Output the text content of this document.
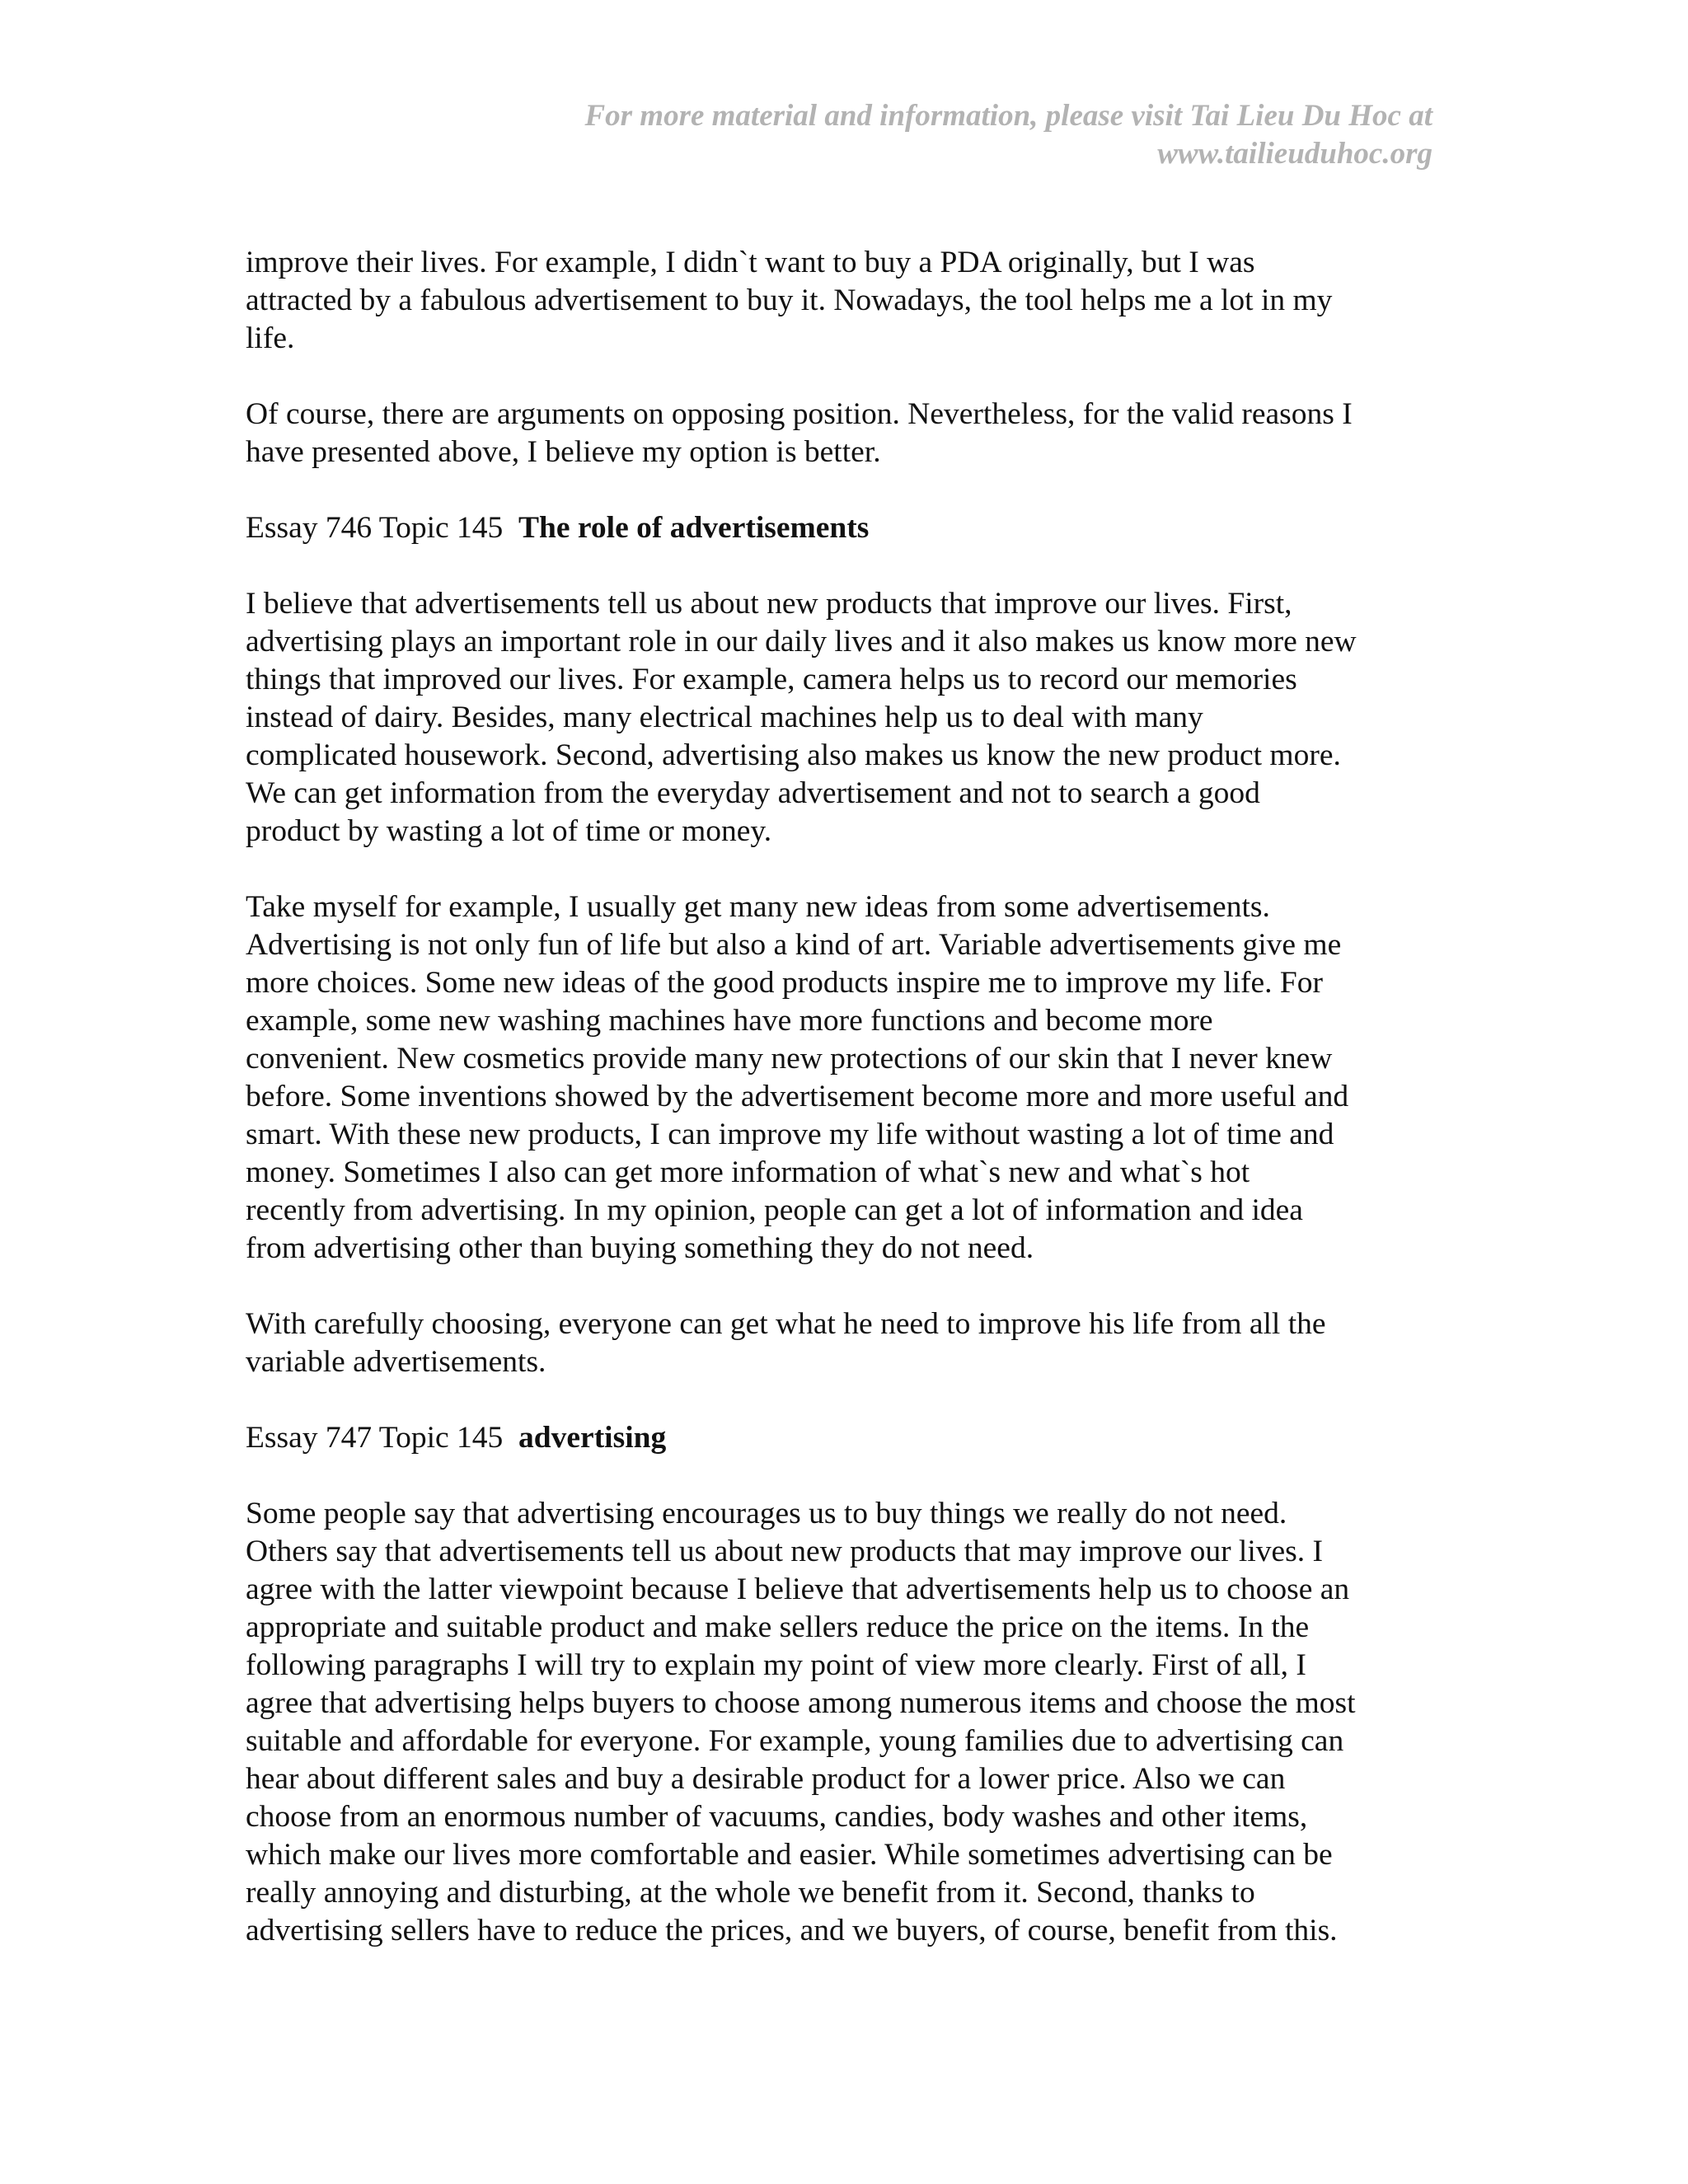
For more material and information, please visit Tai Lieu Du Hoc at
www.tailieuduhoc.org
improve their lives. For example, I didn`t want to buy a PDA originally, but I was
attracted by a fabulous advertisement to buy it. Nowadays, the tool helps me a lot in my
life.
Of course, there are arguments on opposing position. Nevertheless, for the valid reasons I
have presented above, I believe my option is better.
Essay 746 Topic 145 The role of advertisements
I believe that advertisements tell us about new products that improve our lives. First,
advertising plays an important role in our daily lives and it also makes us know more new
things that improved our lives. For example, camera helps us to record our memories
instead of dairy. Besides, many electrical machines help us to deal with many
complicated housework. Second, advertising also makes us know the new product more.
We can get information from the everyday advertisement and not to search a good
product by wasting a lot of time or money.
Take myself for example, I usually get many new ideas from some advertisements.
Advertising is not only fun of life but also a kind of art. Variable advertisements give me
more choices. Some new ideas of the good products inspire me to improve my life. For
example, some new washing machines have more functions and become more
convenient. New cosmetics provide many new protections of our skin that I never knew
before. Some inventions showed by the advertisement become more and more useful and
smart. With these new products, I can improve my life without wasting a lot of time and
money. Sometimes I also can get more information of what`s new and what`s hot
recently from advertising. In my opinion, people can get a lot of information and idea
from advertising other than buying something they do not need.
With carefully choosing, everyone can get what he need to improve his life from all the
variable advertisements.
Essay 747 Topic 145 advertising
Some people say that advertising encourages us to buy things we really do not need.
Others say that advertisements tell us about new products that may improve our lives. I
agree with the latter viewpoint because I believe that advertisements help us to choose an
appropriate and suitable product and make sellers reduce the price on the items. In the
following paragraphs I will try to explain my point of view more clearly. First of all, I
agree that advertising helps buyers to choose among numerous items and choose the most
suitable and affordable for everyone. For example, young families due to advertising can
hear about different sales and buy a desirable product for a lower price. Also we can
choose from an enormous number of vacuums, candies, body washes and other items,
which make our lives more comfortable and easier. While sometimes advertising can be
really annoying and disturbing, at the whole we benefit from it. Second, thanks to
advertising sellers have to reduce the prices, and we buyers, of course, benefit from this.
